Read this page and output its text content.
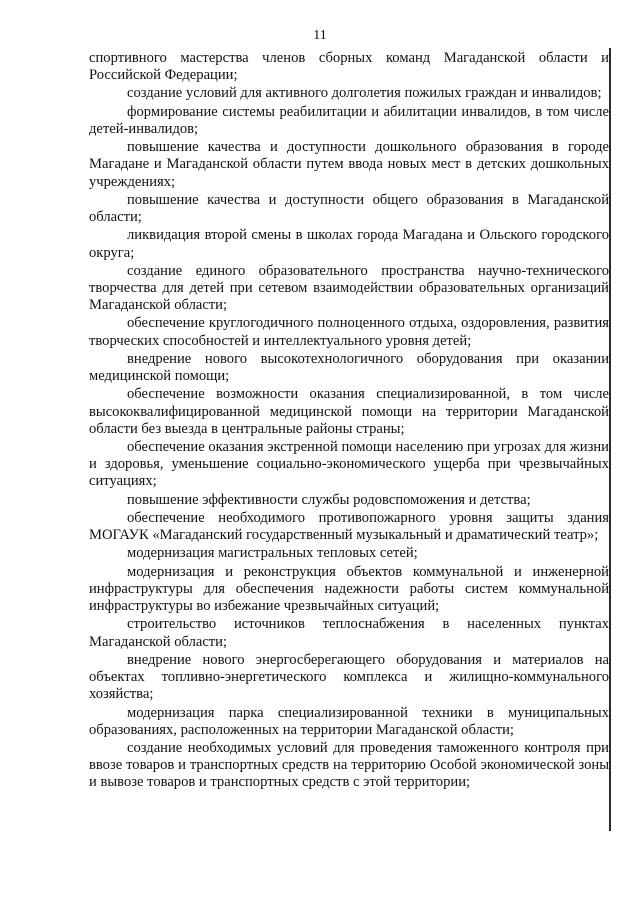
11

спортивного мастерства членов сборных команд Магаданской области и Российской Федерации;

создание условий для активного долголетия пожилых граждан и инвалидов;

формирование системы реабилитации и абилитации инвалидов, в том числе детей-инвалидов;

повышение качества и доступности дошкольного образования в городе Магадане и Магаданской области путем ввода новых мест в детских дошкольных учреждениях;

повышение качества и доступности общего образования в Магаданской области;

ликвидация второй смены в школах города Магадана и Ольского городского округа;

создание единого образовательного пространства научно-технического творчества для детей при сетевом взаимодействии образовательных организаций Магаданской области;

обеспечение круглогодичного полноценного отдыха, оздоровления, развития творческих способностей и интеллектуального уровня детей;

внедрение нового высокотехнологичного оборудования при оказании медицинской помощи;

обеспечение возможности оказания специализированной, в том числе высококвалифицированной медицинской помощи на территории Магаданской области без выезда в центральные районы страны;

обеспечение оказания экстренной помощи населению при угрозах для жизни и здоровья, уменьшение социально-экономического ущерба при чрезвычайных ситуациях;

повышение эффективности службы родовспоможения и детства;

обеспечение необходимого противопожарного уровня защиты здания МОГАУК «Магаданский государственный музыкальный и драматический театр»;

модернизация магистральных тепловых сетей;

модернизация и реконструкция объектов коммунальной и инженерной инфраструктуры для обеспечения надежности работы систем коммунальной инфраструктуры во избежание чрезвычайных ситуаций;

строительство источников теплоснабжения в населенных пунктах Магаданской области;

внедрение нового энергосберегающего оборудования и материалов на объектах топливно-энергетического комплекса и жилищно-коммунального хозяйства;

модернизация парка специализированной техники в муниципальных образованиях, расположенных на территории Магаданской области;

создание необходимых условий для проведения таможенного контроля при ввозе товаров и транспортных средств на территорию Особой экономической зоны и вывозе товаров и транспортных средств с этой территории;
